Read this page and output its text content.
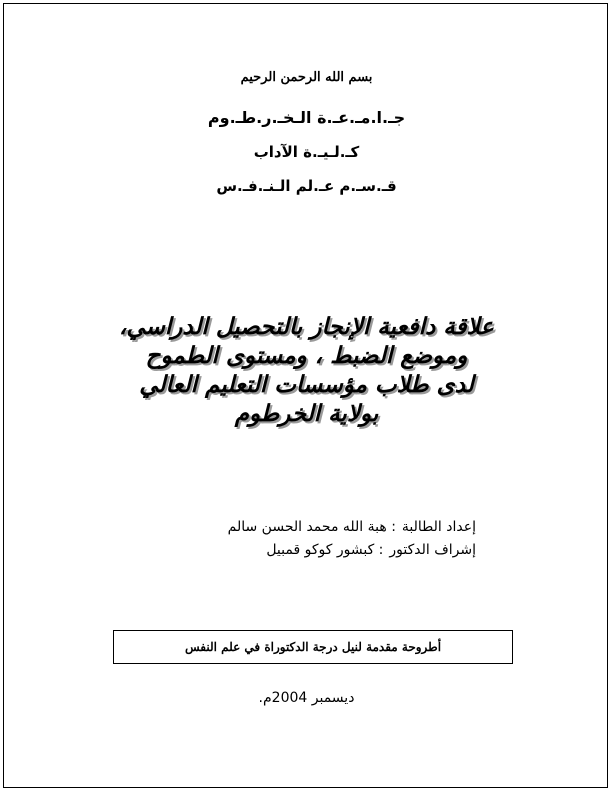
بسم الله الرحمن الرحيم
جـ.ا.مـ.عـ.ة الـخـ.ر.طـ.وم
كـ.لـيـ.ة الآداب
قـ.سـ.م عـ.لم الـنـ.فـ.س
علاقة دافعية الإنجاز بالتحصيل الدراسي،
وموضع الضبط ، ومستوى الطموح
لدى طلاب مؤسسات التعليم العالي
بولاية الخرطوم
إعداد الطالبة: هبة الله محمد الحسن سالم
إشراف الدكتور: كبشور كوكو قمبيل
أطروحة مقدمة لنيل درجة الدكتوراة في علم النفس
ديسمبر 2004م.
